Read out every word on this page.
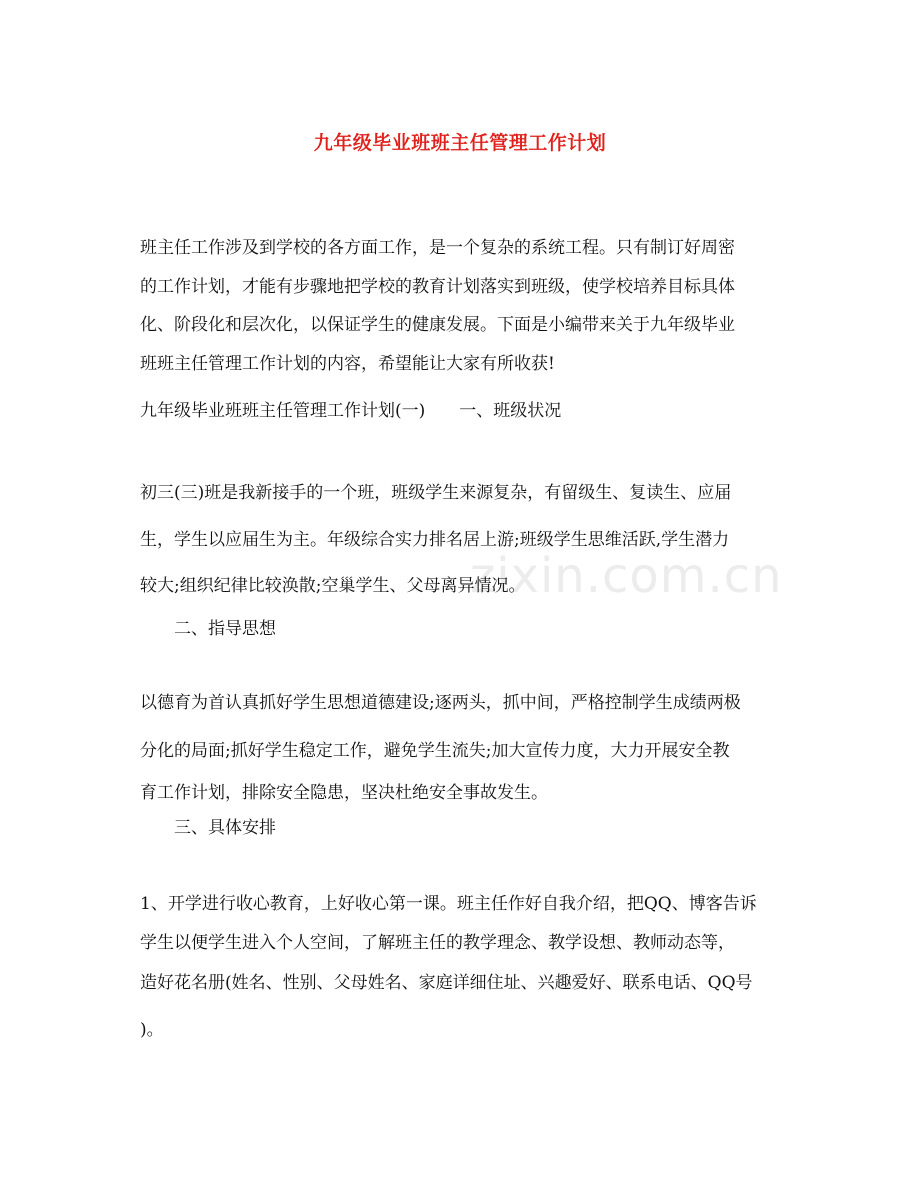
九年级毕业班班主任管理工作计划
zixin.com.cn
班主任工作涉及到学校的各方面工作，是一个复杂的系统工程。只有制订好周密
的工作计划，才能有步骤地把学校的教育计划落实到班级，使学校培养目标具体
化、阶段化和层次化，以保证学生的健康发展。下面是小编带来关于九年级毕业
班班主任管理工作计划的内容，希望能让大家有所收获!
九年级毕业班班主任管理工作计划(一)　　一、班级状况
初三(三)班是我新接手的一个班，班级学生来源复杂，有留级生、复读生、应届
生，学生以应届生为主。年级综合实力排名居上游;班级学生思维活跃,学生潜力
较大;组织纪律比较涣散;空巢学生、父母离异情况。
二、指导思想
以德育为首认真抓好学生思想道德建设;逐两头，抓中间，严格控制学生成绩两极
分化的局面;抓好学生稳定工作，避免学生流失;加大宣传力度，大力开展安全教
育工作计划，排除安全隐患，坚决杜绝安全事故发生。
三、具体安排
1、开学进行收心教育，上好收心第一课。班主任作好自我介绍，把QQ、博客告诉
学生以便学生进入个人空间，了解班主任的教学理念、教学设想、教师动态等，
造好花名册(姓名、性别、父母姓名、家庭详细住址、兴趣爱好、联系电话、QQ号
)。
